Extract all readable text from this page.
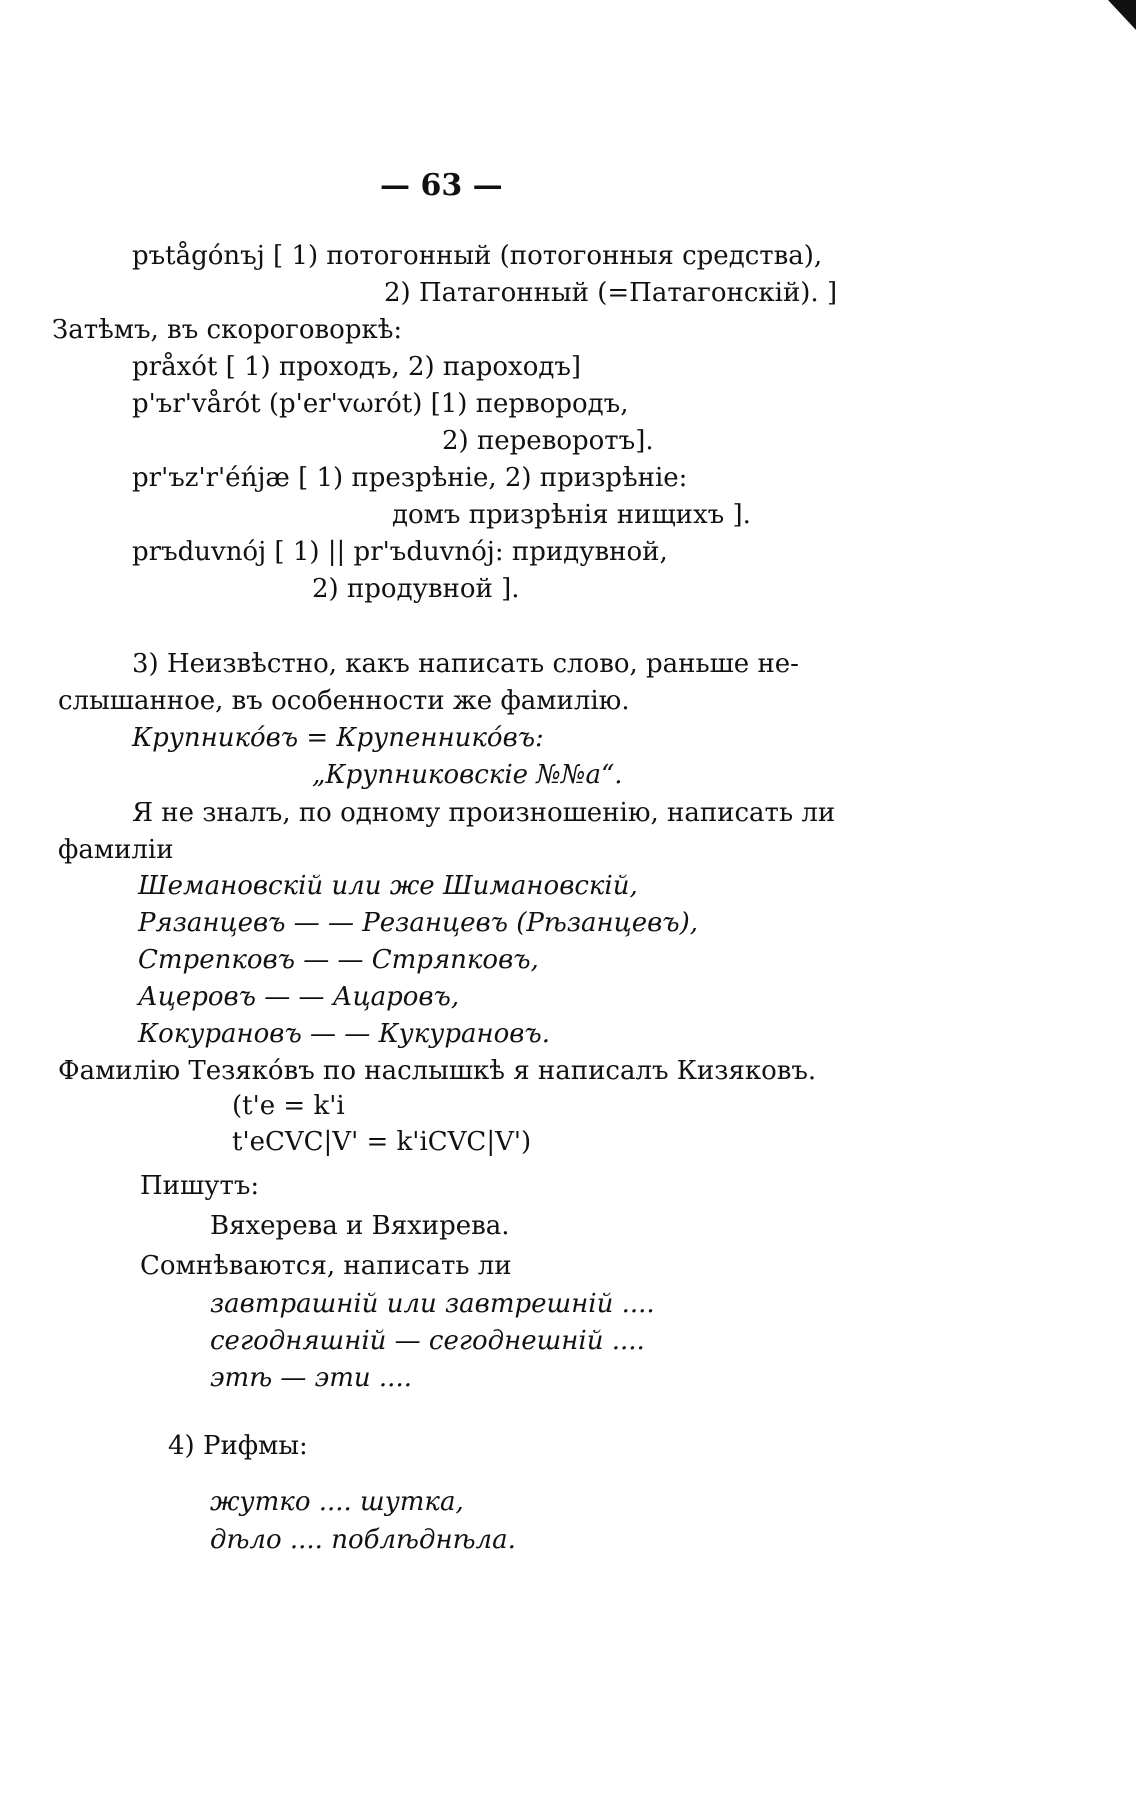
— 63 —
pъtågónъj [ 1) потогонный (потогонныя средства),
2) Патагонный (=Патагонскій). ]
Затѣмъ, въ скороговоркѣ:
pråxót [ 1) проходъ, 2) пароходъ]
p'ъr'vårót (p'er'vωrót) [1) первородъ,
2) переворотъ].
pr'ъz'r'éńјæ [ 1) презрѣніе, 2) призрѣніе:
домъ призрѣнія нищихъ ].
prъduvnój [ 1) || pr'ъduvnój: придувной,
2) продувной ].
3) Неизвѣстно, какъ написать слово, раньше не-
слышанное, въ особенности же фамилію.
Крупнико́въ = Крупенникóвъ:
„Крупниковскіе №№а“.
Я не зналъ, по одному произношенію, написать ли
фамиліи
Шемановскій или же Шимановскій,
Рязанцевъ — — Резанцевъ (Рѣзанцевъ),
Стрепковъ — — Стряпковъ,
Ацеровъ — — Ацаровъ,
Кокурановъ — — Кукурановъ.
Фамилію Тезяко́въ по наслышкѣ я написалъ Кизяковъ.
(t'e = k'i
t'eCVC|V' = k'iCVC|V')
Пишутъ:
Вяхерева и Вяхирева.
Сомнѣваются, написать ли
завтрашній или завтрешній ....
сегодняшній — сегоднешній ....
этѣ — эти ....
4) Рифмы:
жутко .... шутка,
дѣло .... поблѣднѣла.
